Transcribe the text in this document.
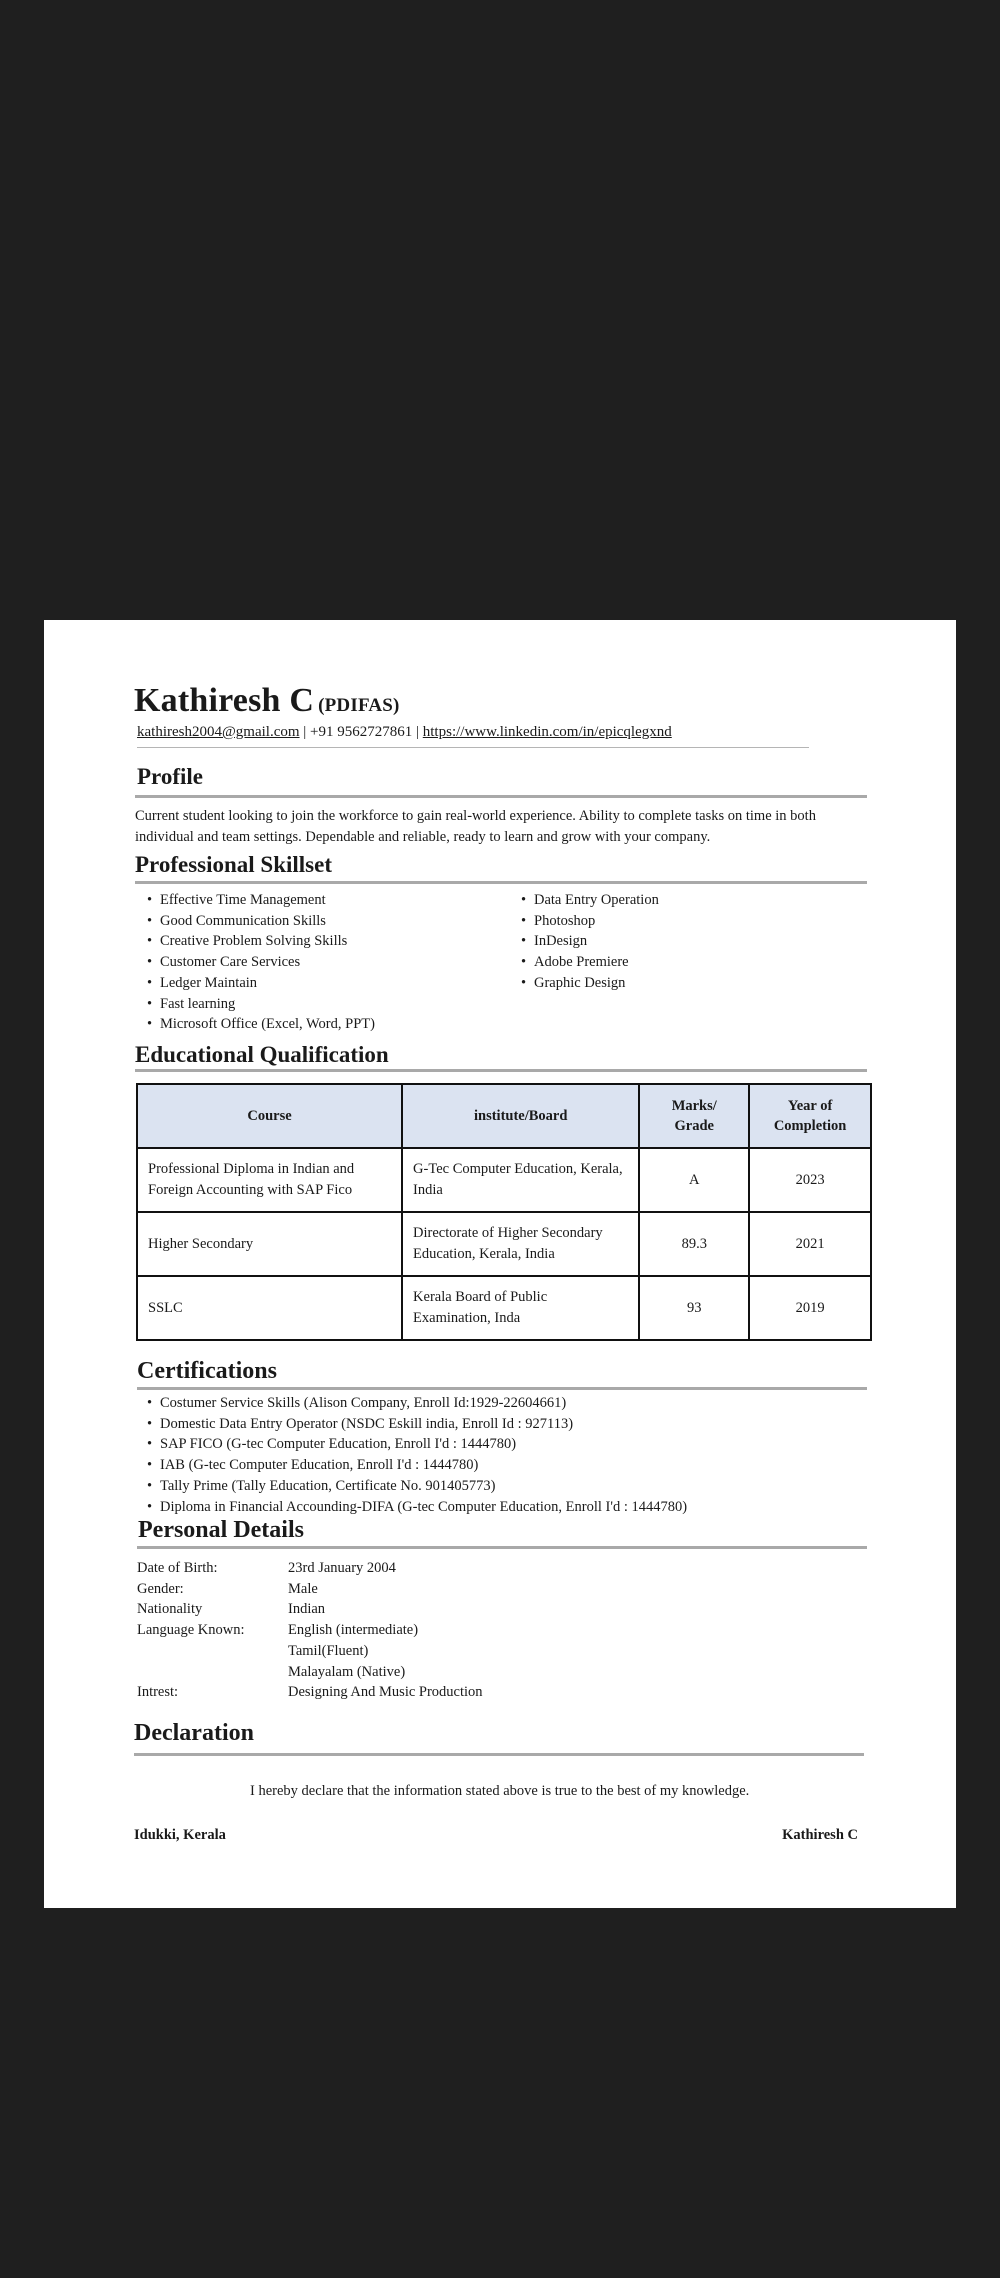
Kathiresh C (PDIFAS)
kathiresh2004@gmail.com | +91 9562727861 | https://www.linkedin.com/in/epicqlegxnd
Profile
Current student looking to join the workforce to gain real-world experience. Ability to complete tasks on time in both individual and team settings. Dependable and reliable, ready to learn and grow with your company.
Professional Skillset
• Effective Time Management
• Good Communication Skills
• Creative Problem Solving Skills
• Customer Care Services
• Ledger Maintain
• Fast learning
• Microsoft Office (Excel, Word, PPT)
• Data Entry Operation
• Photoshop
• InDesign
• Adobe Premiere
• Graphic Design
Educational Qualification
Course	institute/Board	Marks/ Grade	Year of Completion
Professional Diploma in Indian and Foreign Accounting with SAP Fico	G-Tec Computer Education, Kerala, India	A	2023
Higher Secondary	Directorate of Higher Secondary Education, Kerala, India	89.3	2021
SSLC	Kerala Board of Public Examination, Inda	93	2019
Certifications
• Costumer Service Skills (Alison Company, Enroll Id:1929-22604661)
• Domestic Data Entry Operator (NSDC Eskill india, Enroll Id : 927113)
• SAP FICO (G-tec Computer Education, Enroll I'd : 1444780)
• IAB (G-tec Computer Education, Enroll I'd : 1444780)
• Tally Prime (Tally Education, Certificate No. 901405773)
• Diploma in Financial Accounding-DIFA (G-tec Computer Education, Enroll I'd : 1444780)
Personal Details
Date of Birth:	23rd January 2004
Gender:	Male
Nationality	Indian
Language Known:	English (intermediate)
Tamil(Fluent)
Malayalam (Native)
Intrest:	Designing And Music Production
Declaration
I hereby declare that the information stated above is true to the best of my knowledge.
Idukki, Kerala	Kathiresh C
